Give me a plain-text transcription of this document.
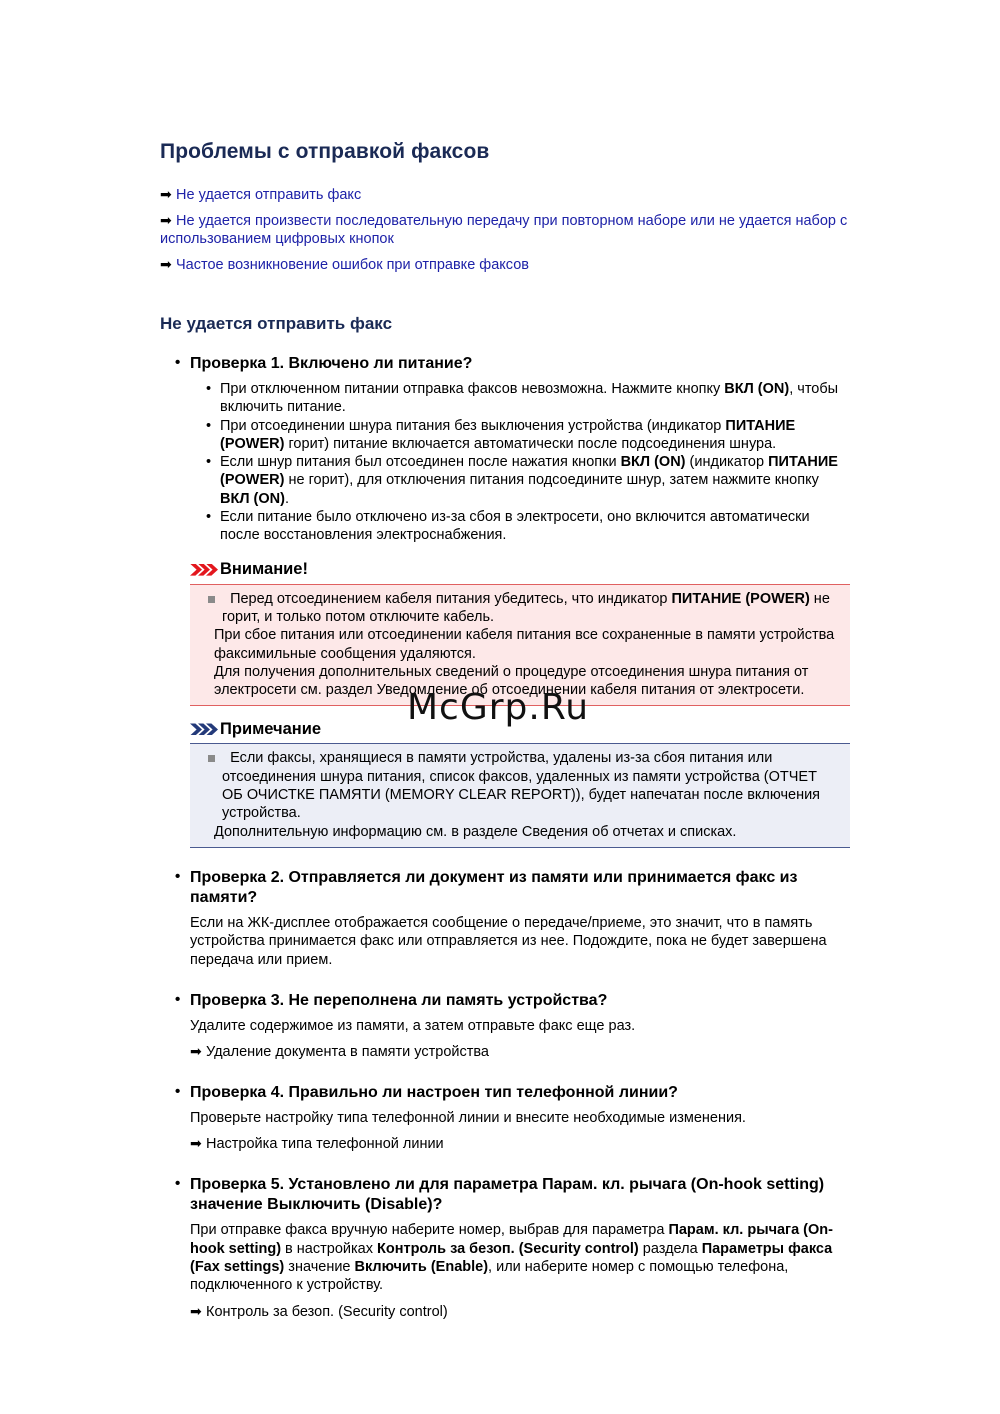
Проблемы с отправкой факсов
➡ Не удается отправить факс
➡ Не удается произвести последовательную передачу при повторном наборе или не удается набор с использованием цифровых кнопок
➡ Частое возникновение ошибок при отправке факсов
Не удается отправить факс
• Проверка 1. Включено ли питание?
• При отключенном питании отправка факсов невозможна. Нажмите кнопку ВКЛ (ON), чтобы включить питание.
• При отсоединении шнура питания без выключения устройства (индикатор ПИТАНИЕ (POWER) горит) питание включается автоматически после подсоединения шнура.
• Если шнур питания был отсоединен после нажатия кнопки ВКЛ (ON) (индикатор ПИТАНИЕ (POWER) не горит), для отключения питания подсоедините шнур, затем нажмите кнопку ВКЛ (ON).
• Если питание было отключено из-за сбоя в электросети, оно включится автоматически после восстановления электроснабжения.
Внимание!
Перед отсоединением кабеля питания убедитесь, что индикатор ПИТАНИЕ (POWER) не горит, и только потом отключите кабель.
При сбое питания или отсоединении кабеля питания все сохраненные в памяти устройства факсимильные сообщения удаляются.
Для получения дополнительных сведений о процедуре отсоединения шнура питания от электросети см. раздел Уведомление об отсоединении кабеля питания от электросети.
Примечание
Если факсы, хранящиеся в памяти устройства, удалены из-за сбоя питания или отсоединения шнура питания, список факсов, удаленных из памяти устройства (ОТЧЕТ ОБ ОЧИСТКЕ ПАМЯТИ (MEMORY CLEAR REPORT)), будет напечатан после включения устройства.
Дополнительную информацию см. в разделе Сведения об отчетах и списках.
• Проверка 2. Отправляется ли документ из памяти или принимается факс из памяти?
Если на ЖК-дисплее отображается сообщение о передаче/приеме, это значит, что в память устройства принимается факс или отправляется из нее. Подождите, пока не будет завершена передача или прием.
• Проверка 3. Не переполнена ли память устройства?
Удалите содержимое из памяти, а затем отправьте факс еще раз.
➡ Удаление документа в памяти устройства
• Проверка 4. Правильно ли настроен тип телефонной линии?
Проверьте настройку типа телефонной линии и внесите необходимые изменения.
➡ Настройка типа телефонной линии
• Проверка 5. Установлено ли для параметра Парам. кл. рычага (On-hook setting) значение Выключить (Disable)?
При отправке факса вручную наберите номер, выбрав для параметра Парам. кл. рычага (On-hook setting) в настройках Контроль за безоп. (Security control) раздела Параметры факса (Fax settings) значение Включить (Enable), или наберите номер с помощью телефона, подключенного к устройству.
➡ Контроль за безоп. (Security control)
McGrp.Ru
